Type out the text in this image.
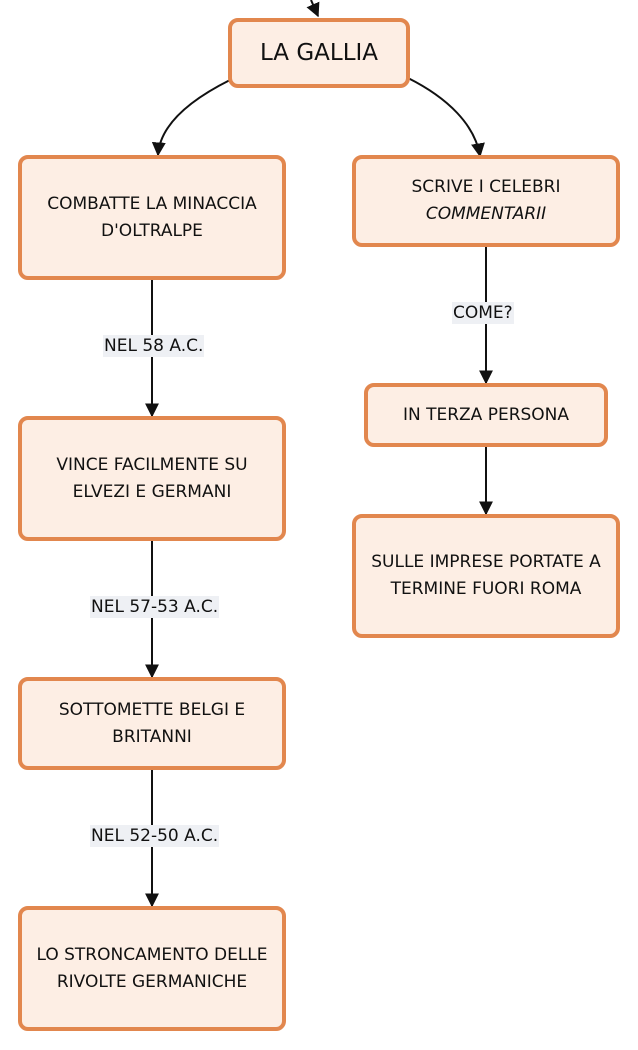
NEL 58 A.C.
NEL 57-53 A.C.
NEL 52-50 A.C.
COME?
LA GALLIA
COMBATTE LA MINACCIA
D'OLTRALPE
VINCE FACILMENTE SU
ELVEZI E GERMANI
SOTTOMETTE BELGI E
BRITANNI
LO STRONCAMENTO DELLE
RIVOLTE GERMANICHE
SCRIVE I CELEBRI
COMMENTARII
IN TERZA PERSONA
SULLE IMPRESE PORTATE A
TERMINE FUORI ROMA
